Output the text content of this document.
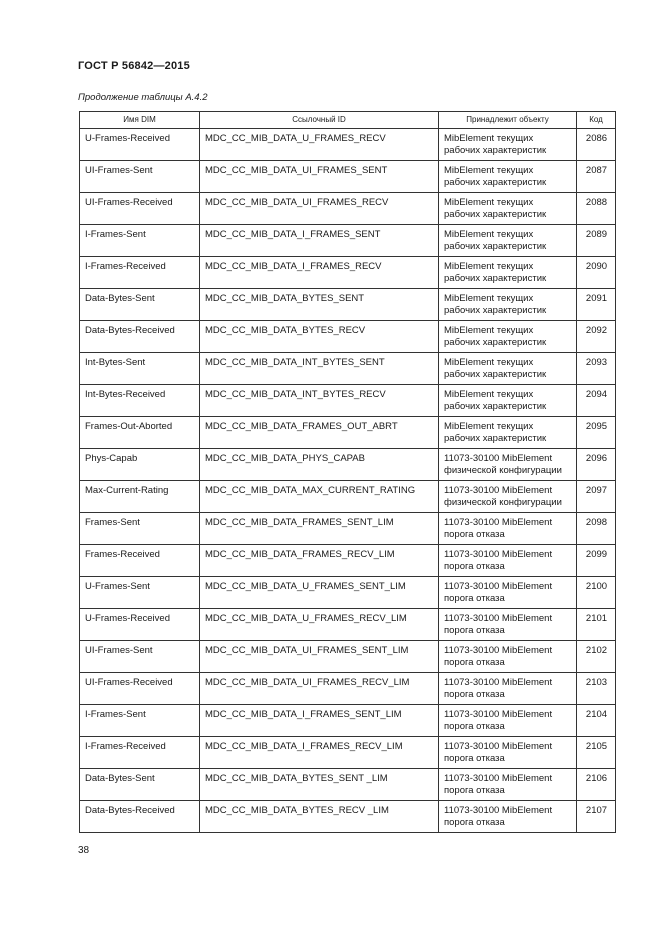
ГОСТ Р 56842—2015
Продолжение таблицы А.4.2
Имя DIM	Ссылочный ID	Принадлежит объекту	Код

U-Frames-Received	MDC_CC_MIB_DATA_U_FRAMES_RECV	MibElement текущих
рабочих характеристик	2086

UI-Frames-Sent	MDC_CC_MIB_DATA_UI_FRAMES_SENT	MibElement текущих
рабочих характеристик	2087

UI-Frames-Received	MDC_CC_MIB_DATA_UI_FRAMES_RECV	MibElement текущих
рабочих характеристик	2088

I-Frames-Sent	MDC_CC_MIB_DATA_I_FRAMES_SENT	MibElement текущих
рабочих характеристик	2089

I-Frames-Received	MDC_CC_MIB_DATA_I_FRAMES_RECV	MibElement текущих
рабочих характеристик	2090

Data-Bytes-Sent	MDC_CC_MIB_DATA_BYTES_SENT	MibElement текущих
рабочих характеристик	2091

Data-Bytes-Received	MDC_CC_MIB_DATA_BYTES_RECV	MibElement текущих
рабочих характеристик	2092

Int-Bytes-Sent	MDC_CC_MIB_DATA_INT_BYTES_SENT	MibElement текущих
рабочих характеристик	2093

Int-Bytes-Received	MDC_CC_MIB_DATA_INT_BYTES_RECV	MibElement текущих
рабочих характеристик	2094

Frames-Out-Aborted	MDC_CC_MIB_DATA_FRAMES_OUT_ABRT	MibElement текущих
рабочих характеристик	2095

Phys-Capab	MDC_CC_MIB_DATA_PHYS_CAPAB	11073-30100 MibElement
физической конфигурации	2096

Max-Current-Rating	MDC_CC_MIB_DATA_MAX_CURRENT_RATING	11073-30100 MibElement
физической конфигурации	2097

Frames-Sent	MDC_CC_MIB_DATA_FRAMES_SENT_LIM	11073-30100 MibElement
порога отказа	2098

Frames-Received	MDC_CC_MIB_DATA_FRAMES_RECV_LIM	11073-30100 MibElement
порога отказа	2099

U-Frames-Sent	MDC_CC_MIB_DATA_U_FRAMES_SENT_LIM	11073-30100 MibElement
порога отказа	2100

U-Frames-Received	MDC_CC_MIB_DATA_U_FRAMES_RECV_LIM	11073-30100 MibElement
порога отказа	2101

UI-Frames-Sent	MDC_CC_MIB_DATA_UI_FRAMES_SENT_LIM	11073-30100 MibElement
порога отказа	2102

UI-Frames-Received	MDC_CC_MIB_DATA_UI_FRAMES_RECV_LIM	11073-30100 MibElement
порога отказа	2103

I-Frames-Sent	MDC_CC_MIB_DATA_I_FRAMES_SENT_LIM	11073-30100 MibElement
порога отказа	2104

I-Frames-Received	MDC_CC_MIB_DATA_I_FRAMES_RECV_LIM	11073-30100 MibElement
порога отказа	2105

Data-Bytes-Sent	MDC_CC_MIB_DATA_BYTES_SENT _LIM	11073-30100 MibElement
порога отказа	2106

Data-Bytes-Received	MDC_CC_MIB_DATA_BYTES_RECV _LIM	11073-30100 MibElement
порога отказа	2107
38
